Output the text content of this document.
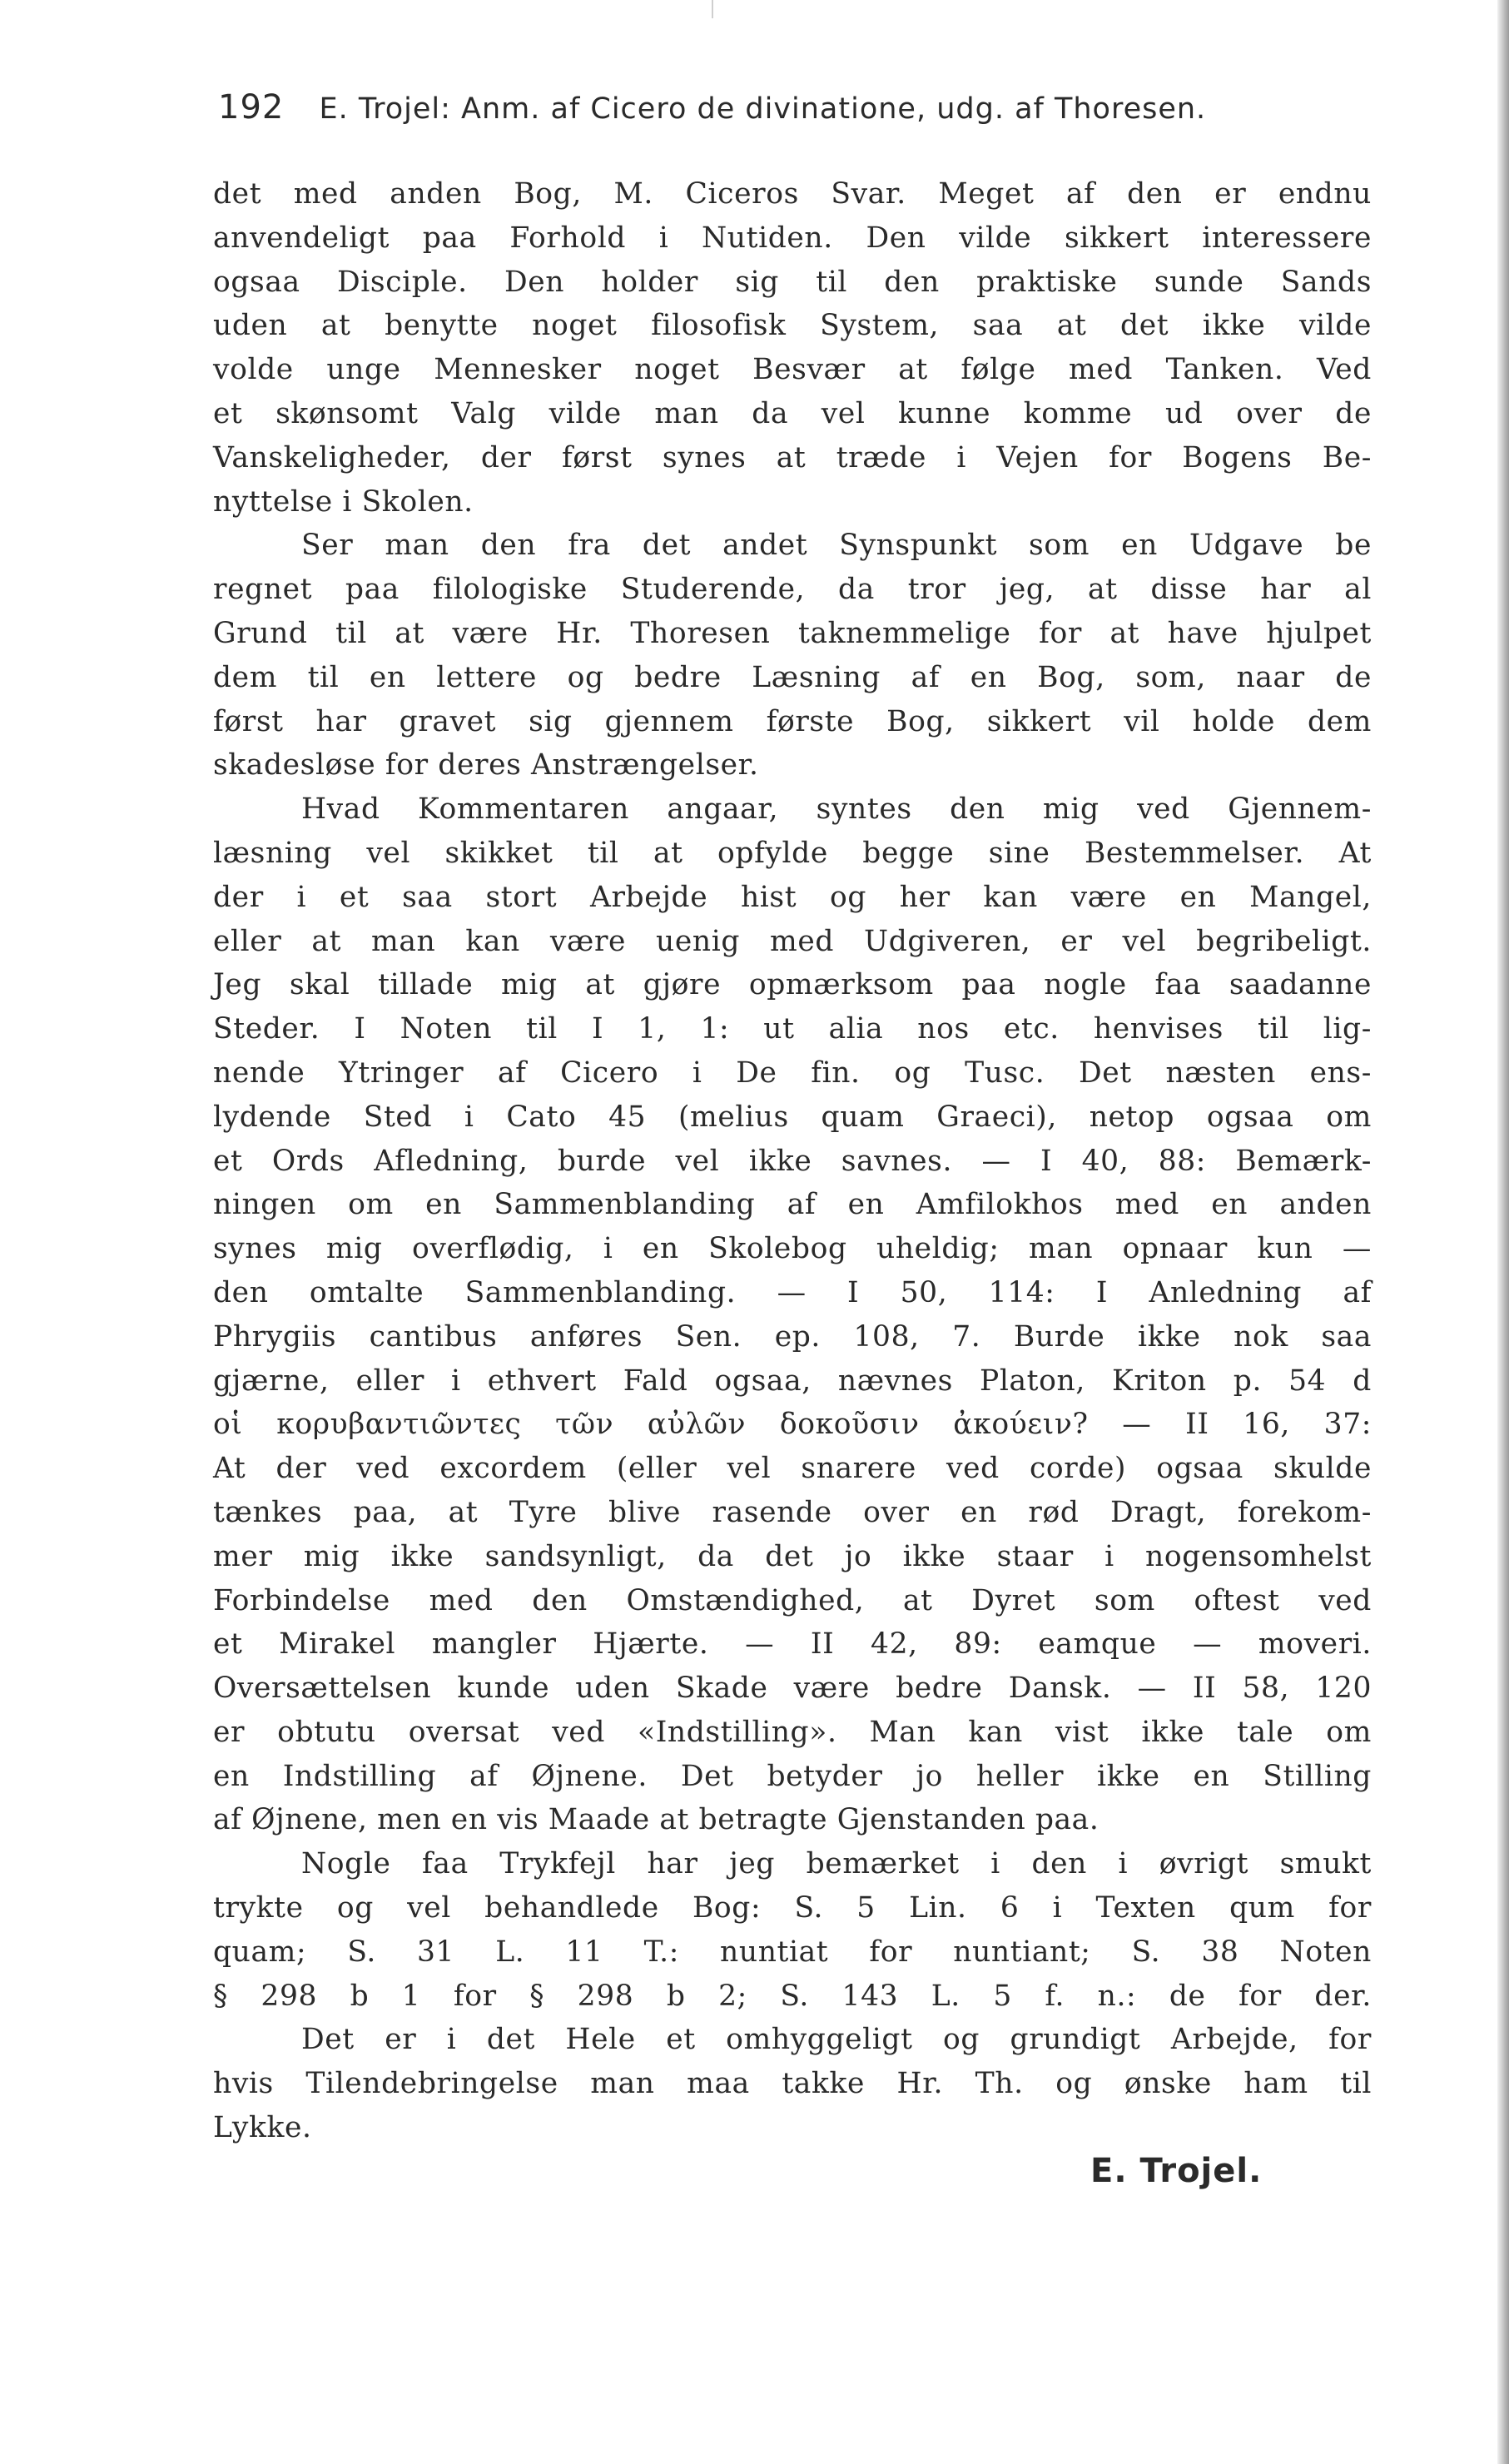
192 E. Trojel: Anm. af Cicero de divinatione, udg. af Thoresen.
det med anden Bog, M. Ciceros Svar. Meget af den er endnu
anvendeligt paa Forhold i Nutiden. Den vilde sikkert interessere
ogsaa Disciple. Den holder sig til den praktiske sunde Sands
uden at benytte noget filosofisk System, saa at det ikke vilde
volde unge Mennesker noget Besvær at følge med Tanken. Ved
et skønsomt Valg vilde man da vel kunne komme ud over de
Vanskeligheder, der først synes at træde i Vejen for Bogens Be-
nyttelse i Skolen.
Ser man den fra det andet Synspunkt som en Udgave be
regnet paa filologiske Studerende, da tror jeg, at disse har al
Grund til at være Hr. Thoresen taknemmelige for at have hjulpet
dem til en lettere og bedre Læsning af en Bog, som, naar de
først har gravet sig gjennem første Bog, sikkert vil holde dem
skadesløse for deres Anstrængelser.
Hvad Kommentaren angaar, syntes den mig ved Gjennem-
læsning vel skikket til at opfylde begge sine Bestemmelser. At
der i et saa stort Arbejde hist og her kan være en Mangel,
eller at man kan være uenig med Udgiveren, er vel begribeligt.
Jeg skal tillade mig at gjøre opmærksom paa nogle faa saadanne
Steder. I Noten til I 1, 1: ut alia nos etc. henvises til lig-
nende Ytringer af Cicero i De fin. og Tusc. Det næsten ens-
lydende Sted i Cato 45 (melius quam Graeci), netop ogsaa om
et Ords Afledning, burde vel ikke savnes. — I 40, 88: Bemærk-
ningen om en Sammenblanding af en Amfilokhos med en anden
synes mig overflødig, i en Skolebog uheldig; man opnaar kun —
den omtalte Sammenblanding. — I 50, 114: I Anledning af
Phrygiis cantibus anføres Sen. ep. 108, 7. Burde ikke nok saa
gjærne, eller i ethvert Fald ogsaa, nævnes Platon, Kriton p. 54 d
οἱ κορυβαντιῶντες τῶν αὐλῶν δοκοῦσιν ἀκούειν? — II 16, 37:
At der ved excordem (eller vel snarere ved corde) ogsaa skulde
tænkes paa, at Tyre blive rasende over en rød Dragt, forekom-
mer mig ikke sandsynligt, da det jo ikke staar i nogensomhelst
Forbindelse med den Omstændighed, at Dyret som oftest ved
et Mirakel mangler Hjærte. — II 42, 89: eamque — moveri.
Oversættelsen kunde uden Skade være bedre Dansk. — II 58, 120
er obtutu oversat ved «Indstilling». Man kan vist ikke tale om
en Indstilling af Øjnene. Det betyder jo heller ikke en Stilling
af Øjnene, men en vis Maade at betragte Gjenstanden paa.
Nogle faa Trykfejl har jeg bemærket i den i øvrigt smukt
trykte og vel behandlede Bog: S. 5 Lin. 6 i Texten qum for
quam; S. 31 L. 11 T.: nuntiat for nuntiant; S. 38 Noten
§ 298 b 1 for § 298 b 2; S. 143 L. 5 f. n.: de for der.
Det er i det Hele et omhyggeligt og grundigt Arbejde, for
hvis Tilendebringelse man maa takke Hr. Th. og ønske ham til
Lykke.
E. Trojel.
